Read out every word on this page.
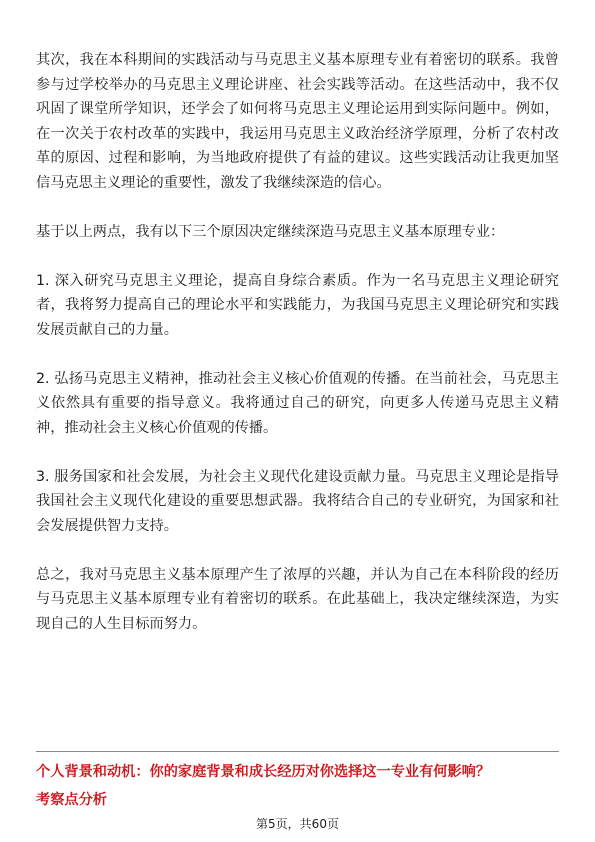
其次，我在本科期间的实践活动与马克思主义基本原理专业有着密切的联系。我曾参与过学校举办的马克思主义理论讲座、社会实践等活动。在这些活动中，我不仅巩固了课堂所学知识，还学会了如何将马克思主义理论运用到实际问题中。例如，在一次关于农村改革的实践中，我运用马克思主义政治经济学原理，分析了农村改革的原因、过程和影响，为当地政府提供了有益的建议。这些实践活动让我更加坚信马克思主义理论的重要性，激发了我继续深造的信心。

基于以上两点，我有以下三个原因决定继续深造马克思主义基本原理专业：

1. 深入研究马克思主义理论，提高自身综合素质。作为一名马克思主义理论研究者，我将努力提高自己的理论水平和实践能力，为我国马克思主义理论研究和实践发展贡献自己的力量。

2. 弘扬马克思主义精神，推动社会主义核心价值观的传播。在当前社会，马克思主义依然具有重要的指导意义。我将通过自己的研究，向更多人传递马克思主义精神，推动社会主义核心价值观的传播。

3. 服务国家和社会发展，为社会主义现代化建设贡献力量。马克思主义理论是指导我国社会主义现代化建设的重要思想武器。我将结合自己的专业研究，为国家和社会发展提供智力支持。

总之，我对马克思主义基本原理产生了浓厚的兴趣，并认为自己在本科阶段的经历与马克思主义基本原理专业有着密切的联系。在此基础上，我决定继续深造，为实现自己的人生目标而努力。

个人背景和动机：你的家庭背景和成长经历对你选择这一专业有何影响？
考察点分析
第5页，共60页
